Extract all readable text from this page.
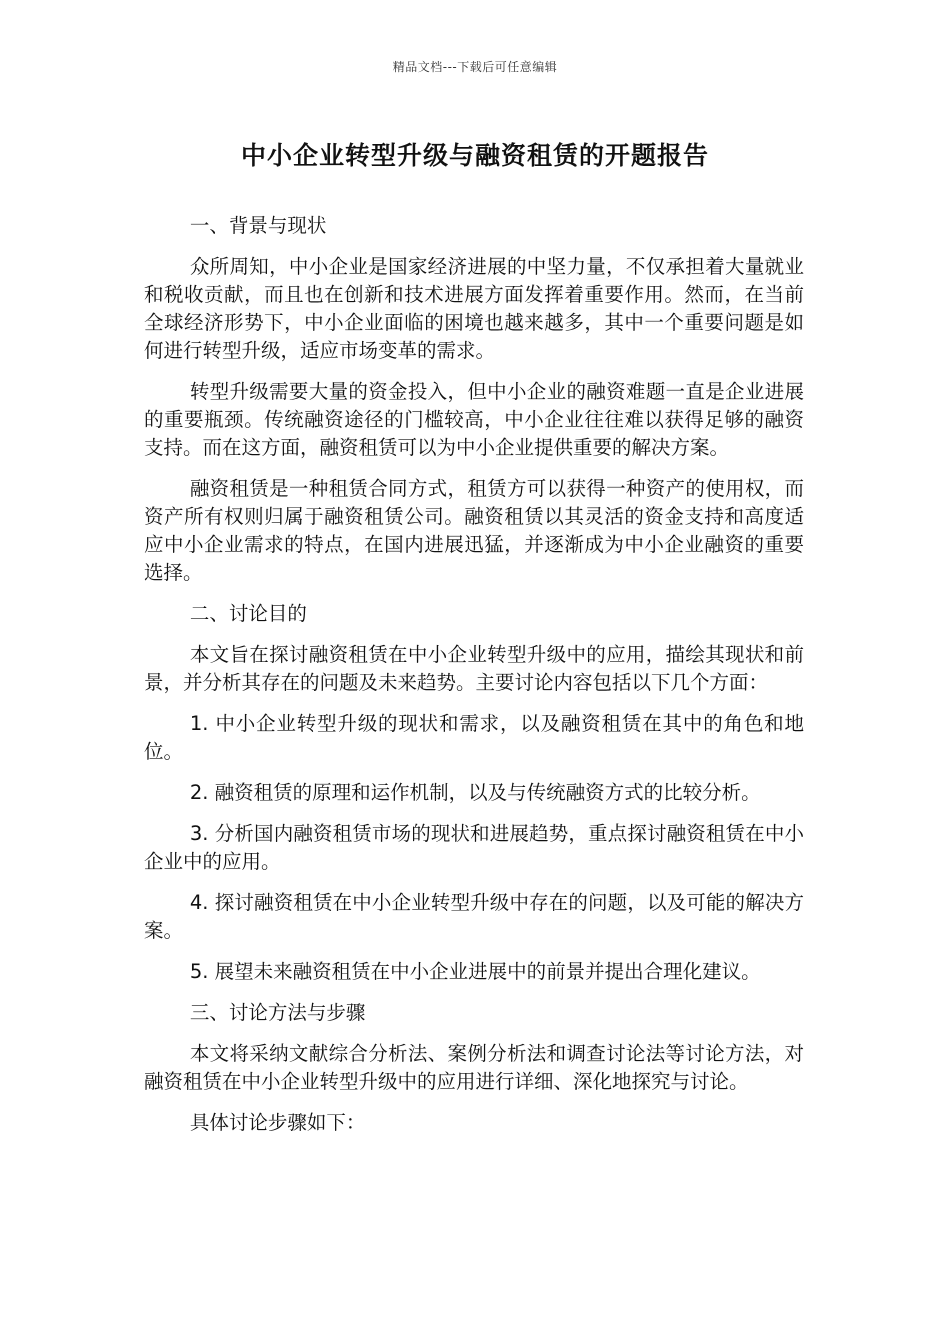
精品文档---下载后可任意编辑
中小企业转型升级与融资租赁的开题报告

一、背景与现状

众所周知，中小企业是国家经济进展的中坚力量，不仅承担着大量就业和税收贡献，而且也在创新和技术进展方面发挥着重要作用。然而，在当前全球经济形势下，中小企业面临的困境也越来越多，其中一个重要问题是如何进行转型升级，适应市场变革的需求。

转型升级需要大量的资金投入，但中小企业的融资难题一直是企业进展的重要瓶颈。传统融资途径的门槛较高，中小企业往往难以获得足够的融资支持。而在这方面，融资租赁可以为中小企业提供重要的解决方案。

融资租赁是一种租赁合同方式，租赁方可以获得一种资产的使用权，而资产所有权则归属于融资租赁公司。融资租赁以其灵活的资金支持和高度适应中小企业需求的特点，在国内进展迅猛，并逐渐成为中小企业融资的重要选择。

二、讨论目的

本文旨在探讨融资租赁在中小企业转型升级中的应用，描绘其现状和前景，并分析其存在的问题及未来趋势。主要讨论内容包括以下几个方面：

1. 中小企业转型升级的现状和需求，以及融资租赁在其中的角色和地位。

2. 融资租赁的原理和运作机制，以及与传统融资方式的比较分析。

3. 分析国内融资租赁市场的现状和进展趋势，重点探讨融资租赁在中小企业中的应用。

4. 探讨融资租赁在中小企业转型升级中存在的问题，以及可能的解决方案。

5. 展望未来融资租赁在中小企业进展中的前景并提出合理化建议。

三、讨论方法与步骤

本文将采纳文献综合分析法、案例分析法和调查讨论法等讨论方法，对融资租赁在中小企业转型升级中的应用进行详细、深化地探究与讨论。

具体讨论步骤如下：
